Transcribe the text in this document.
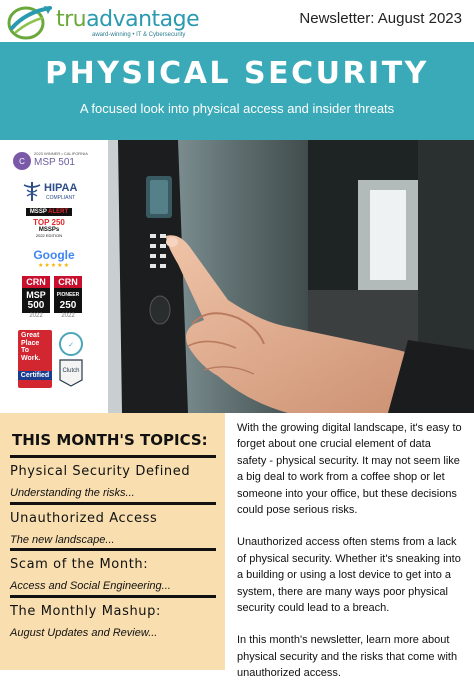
truadvantage
award-winning • IT & Cybersecurity
Newsletter: August 2023
PHYSICAL SECURITY
A focused look into physical access and insider threats
C
2023 WINNER • CALIFORNIA
MSP 501
HIPAA
COMPLIANT
MSSP ALERT
TOP 250
MSSPs
2022 EDITION
Google
★★★★★
CRN
MSP
500
2022
CRN
PIONEER
250
2022
Great
Place
To
Work.
Certified
✓
Clutch
THIS MONTH'S TOPICS:
Physical Security Defined
Understanding the risks...
Unauthorized Access
The new landscape...
Scam of the Month:
Access and Social Engineering...
The Monthly Mashup:
August Updates and Review...

With the growing digital landscape, it's easy to forget about one crucial element of data safety - physical security. It may not seem like a big deal to work from a coffee shop or let someone into your office, but these decisions could pose serious risks.

Unauthorized access often stems from a lack of physical security. Whether it's sneaking into a building or using a lost device to get into a system, there are many ways poor physical security could lead to a breach.

In this month's newsletter, learn more about physical security and the risks that come with unauthorized access.
